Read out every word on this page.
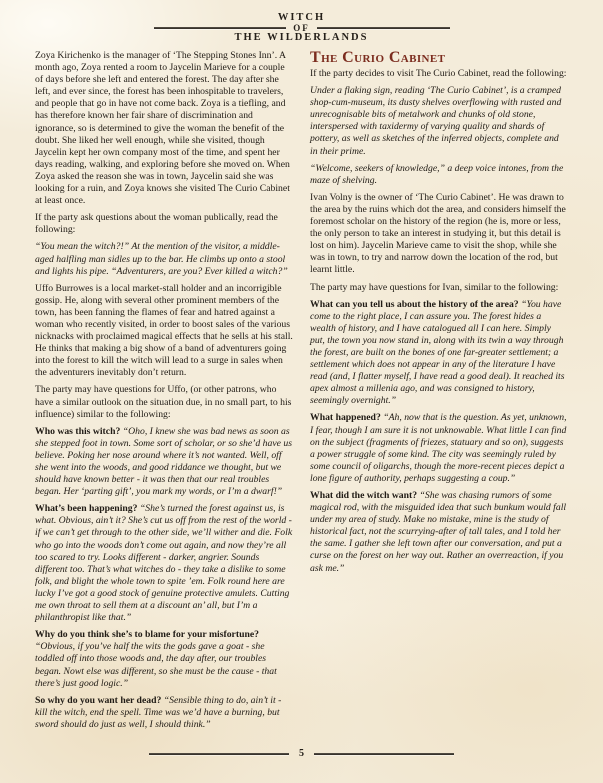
WITCH
OF
THE WILDERLANDS

Zoya Kirichenko is the manager of ‘The Stepping Stones Inn’. A month ago, Zoya rented a room to Jaycelin Marieve for a couple of days before she left and entered the forest. The day after she left, and ever since, the forest has been inhospitable to travelers, and people that go in have not come back. Zoya is a tiefling, and has therefore known her fair share of discrimination and ignorance, so is determined to give the woman the benefit of the doubt. She liked her well enough, while she visited, though Jaycelin kept her own company most of the time, and spent her days reading, walking, and exploring before she moved on. When Zoya asked the reason she was in town, Jaycelin said she was looking for a ruin, and Zoya knows she visited The Curio Cabinet at least once.

If the party ask questions about the woman publically, read the following:

“You mean the witch?!” At the mention of the visitor, a middle-aged halfling man sidles up to the bar. He climbs up onto a stool and lights his pipe. “Adventurers, are you? Ever killed a witch?”

Uffo Burrowes is a local market-stall holder and an incorrigible gossip. He, along with several other prominent members of the town, has been fanning the flames of fear and hatred against a woman who recently visited, in order to boost sales of the various nicknacks with proclaimed magical effects that he sells at his stall. He thinks that making a big show of a band of adventurers going into the forest to kill the witch will lead to a surge in sales when the adventurers inevitably don’t return.

The party may have questions for Uffo, (or other patrons, who have a similar outlook on the situation due, in no small part, to his influence) similar to the following:

Who was this witch? “Oho, I knew she was bad news as soon as she stepped foot in town. Some sort of scholar, or so she’d have us believe. Poking her nose around where it’s not wanted. Well, off she went into the woods, and good riddance we thought, but we should have known better - it was then that our real troubles began. Her ‘parting gift’, you mark my words, or I’m a dwarf!”

What’s been happening? “She’s turned the forest against us, is what. Obvious, ain’t it? She’s cut us off from the rest of the world - if we can’t get through to the other side, we’ll wither and die. Folk who go into the woods don’t come out again, and now they’re all too scared to try. Looks different - darker, angrier. Sounds different too. That’s what witches do - they take a dislike to some folk, and blight the whole town to spite ’em. Folk round here are lucky I’ve got a good stock of genuine protective amulets. Cutting me own throat to sell them at a discount an’ all, but I’m a philanthropist like that.”

Why do you think she’s to blame for your misfortune? “Obvious, if you’ve half the wits the gods gave a goat - she toddled off into those woods and, the day after, our troubles began. Nowt else was different, so she must be the cause - that there’s just good logic.”

So why do you want her dead? “Sensible thing to do, ain’t it - kill the witch, end the spell. Time was we’d have a burning, but sword should do just as well, I should think.”

The Curio Cabinet

If the party decides to visit The Curio Cabinet, read the following:

Under a flaking sign, reading ‘The Curio Cabinet’, is a cramped shop-cum-museum, its dusty shelves overflowing with rusted and unrecognisable bits of metalwork and chunks of old stone, interspersed with taxidermy of varying quality and shards of pottery, as well as sketches of the inferred objects, complete and in their prime.

“Welcome, seekers of knowledge,” a deep voice intones, from the maze of shelving.

Ivan Volny is the owner of ‘The Curio Cabinet’. He was drawn to the area by the ruins which dot the area, and considers himself the foremost scholar on the history of the region (he is, more or less, the only person to take an interest in studying it, but this detail is lost on him). Jaycelin Marieve came to visit the shop, while she was in town, to try and narrow down the location of the rod, but learnt little.

The party may have questions for Ivan, similar to the following:

What can you tell us about the history of the area? “You have come to the right place, I can assure you. The forest hides a wealth of history, and I have catalogued all I can here. Simply put, the town you now stand in, along with its twin a way through the forest, are built on the bones of one far-greater settlement; a settlement which does not appear in any of the literature I have read (and, I flatter myself, I have read a good deal). It reached its apex almost a millenia ago, and was consigned to history, seemingly overnight.”

What happened? “Ah, now that is the question. As yet, unknown, I fear, though I am sure it is not unknowable. What little I can find on the subject (fragments of friezes, statuary and so on), suggests a power struggle of some kind. The city was seemingly ruled by some council of oligarchs, though the more-recent pieces depict a lone figure of authority, perhaps suggesting a coup.”

What did the witch want? “She was chasing rumors of some magical rod, with the misguided idea that such bunkum would fall under my area of study. Make no mistake, mine is the study of historical fact, not the scurrying-after of tall tales, and I told her the same. I gather she left town after our conversation, and put a curse on the forest on her way out. Rather an overreaction, if you ask me.”

5
